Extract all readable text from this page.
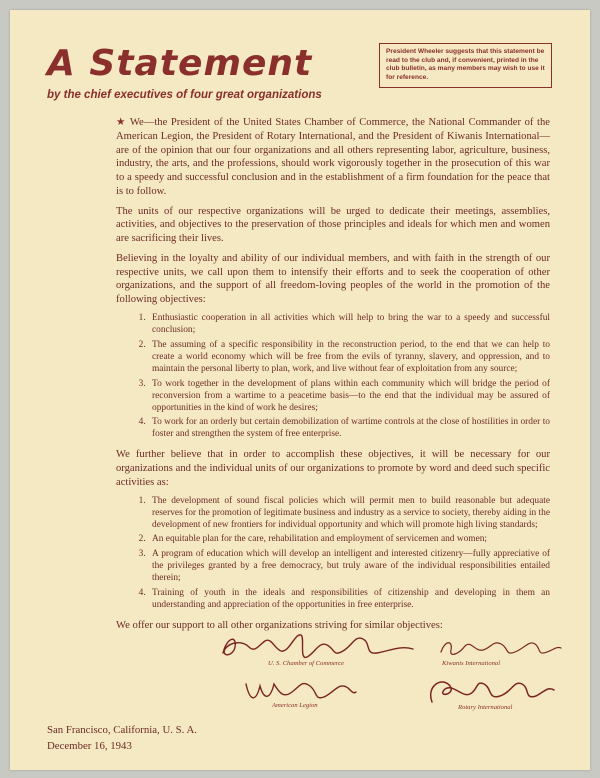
A Statement
by the chief executives of four great organizations
President Wheeler suggests that this statement be read to the club and, if convenient, printed in the club bulletin, as many members may wish to use it for reference.

★ We—the President of the United States Chamber of Commerce, the National Commander of the American Legion, the President of Rotary International, and the President of Kiwanis International—are of the opinion that our four organizations and all others representing labor, agriculture, business, industry, the arts, and the professions, should work vigorously together in the prosecution of this war to a speedy and successful conclusion and in the establishment of a firm foundation for the peace that is to follow.

The units of our respective organizations will be urged to dedicate their meetings, assemblies, activities, and objectives to the preservation of those principles and ideals for which men and women are sacrificing their lives.

Believing in the loyalty and ability of our individual members, and with faith in the strength of our respective units, we call upon them to intensify their efforts and to seek the cooperation of other organizations, and the support of all freedom-loving peoples of the world in the promotion of the following objectives:

1. Enthusiastic cooperation in all activities which will help to bring the war to a speedy and successful conclusion;
2. The assuming of a specific responsibility in the reconstruction period, to the end that we can help to create a world economy which will be free from the evils of tyranny, slavery, and oppression, and to maintain the personal liberty to plan, work, and live without fear of exploitation from any source;
3. To work together in the development of plans within each community which will bridge the period of reconversion from a wartime to a peacetime basis—to the end that the individual may be assured of opportunities in the kind of work he desires;
4. To work for an orderly but certain demobilization of wartime controls at the close of hostilities in order to foster and strengthen the system of free enterprise.

We further believe that in order to accomplish these objectives, it will be necessary for our organizations and the individual units of our organizations to promote by word and deed such specific activities as:

1. The development of sound fiscal policies which will permit men to build reasonable but adequate reserves for the promotion of legitimate business and industry as a service to society, thereby aiding in the development of new frontiers for individual opportunity and which will promote high living standards;
2. An equitable plan for the care, rehabilitation and employment of servicemen and women;
3. A program of education which will develop an intelligent and interested citizenry—fully appreciative of the privileges granted by a free democracy, but truly aware of the individual responsibilities entailed therein;
4. Training of youth in the ideals and responsibilities of citizenship and developing in them an understanding and appreciation of the opportunities in free enterprise.

We offer our support to all other organizations striving for similar objectives:

U. S. Chamber of Commerce	Kiwanis International
American Legion	Rotary International
San Francisco, California, U. S. A.
December 16, 1943
